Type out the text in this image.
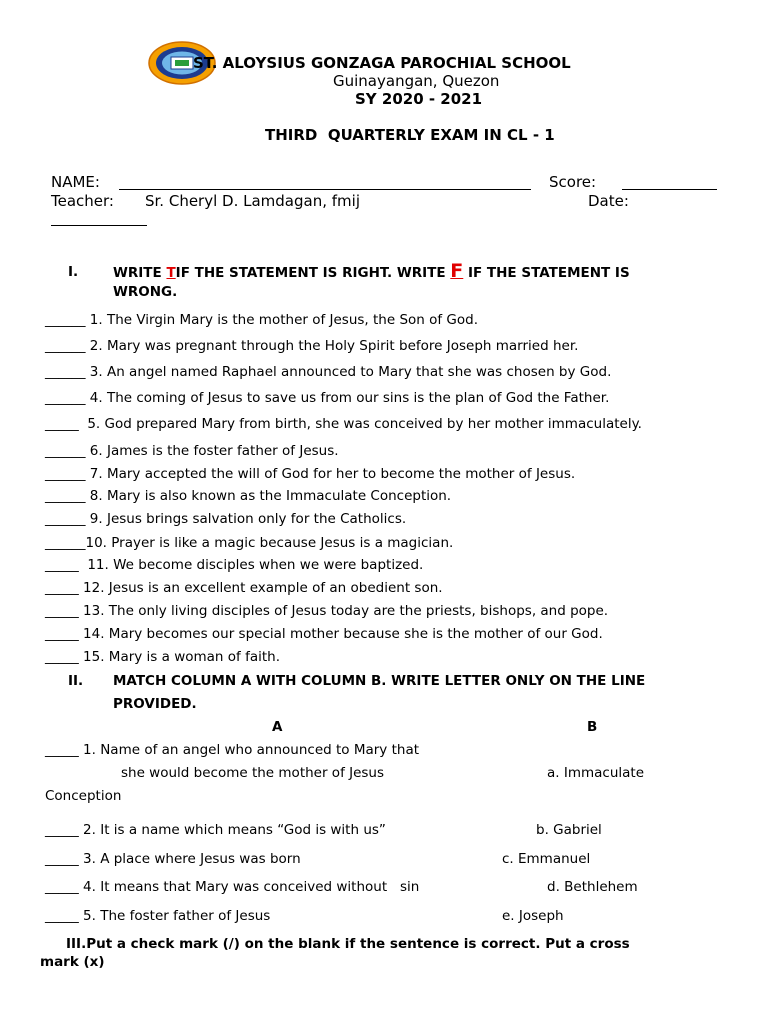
ST. ALOYSIUS GONZAGA PAROCHIAL SCHOOL
Guinayangan, Quezon
SY 2020 - 2021
THIRD  QUARTERLY EXAM IN CL - 1
NAME:	Score:
Teacher: Sr. Cheryl D. Lamdagan, fmij	Date:
I.	WRITE TIF THE STATEMENT IS RIGHT. WRITE F IF THE STATEMENT IS
WRONG.
______ 1. The Virgin Mary is the mother of Jesus, the Son of God.
______ 2. Mary was pregnant through the Holy Spirit before Joseph married her.
______ 3. An angel named Raphael announced to Mary that she was chosen by God.
______ 4. The coming of Jesus to save us from our sins is the plan of God the Father.
_____  5. God prepared Mary from birth, she was conceived by her mother immaculately.
______ 6. James is the foster father of Jesus.
______ 7. Mary accepted the will of God for her to become the mother of Jesus.
______ 8. Mary is also known as the Immaculate Conception.
______ 9. Jesus brings salvation only for the Catholics.
______10. Prayer is like a magic because Jesus is a magician.
_____  11. We become disciples when we were baptized.
_____ 12. Jesus is an excellent example of an obedient son.
_____ 13. The only living disciples of Jesus today are the priests, bishops, and pope.
_____ 14. Mary becomes our special mother because she is the mother of our God.
_____ 15. Mary is a woman of faith.
II. MATCH COLUMN A WITH COLUMN B. WRITE LETTER ONLY ON THE LINE
PROVIDED.
A	B
_____ 1. Name of an angel who announced to Mary that
she would become the mother of Jesus	a. Immaculate
Conception
_____ 2. It is a name which means “God is with us”	b. Gabriel
_____ 3. A place where Jesus was born	c. Emmanuel
_____ 4. It means that Mary was conceived without   sin	d. Bethlehem
_____ 5. The foster father of Jesus	e. Joseph
III.Put a check mark (/) on the blank if the sentence is correct. Put a cross
mark (x)
